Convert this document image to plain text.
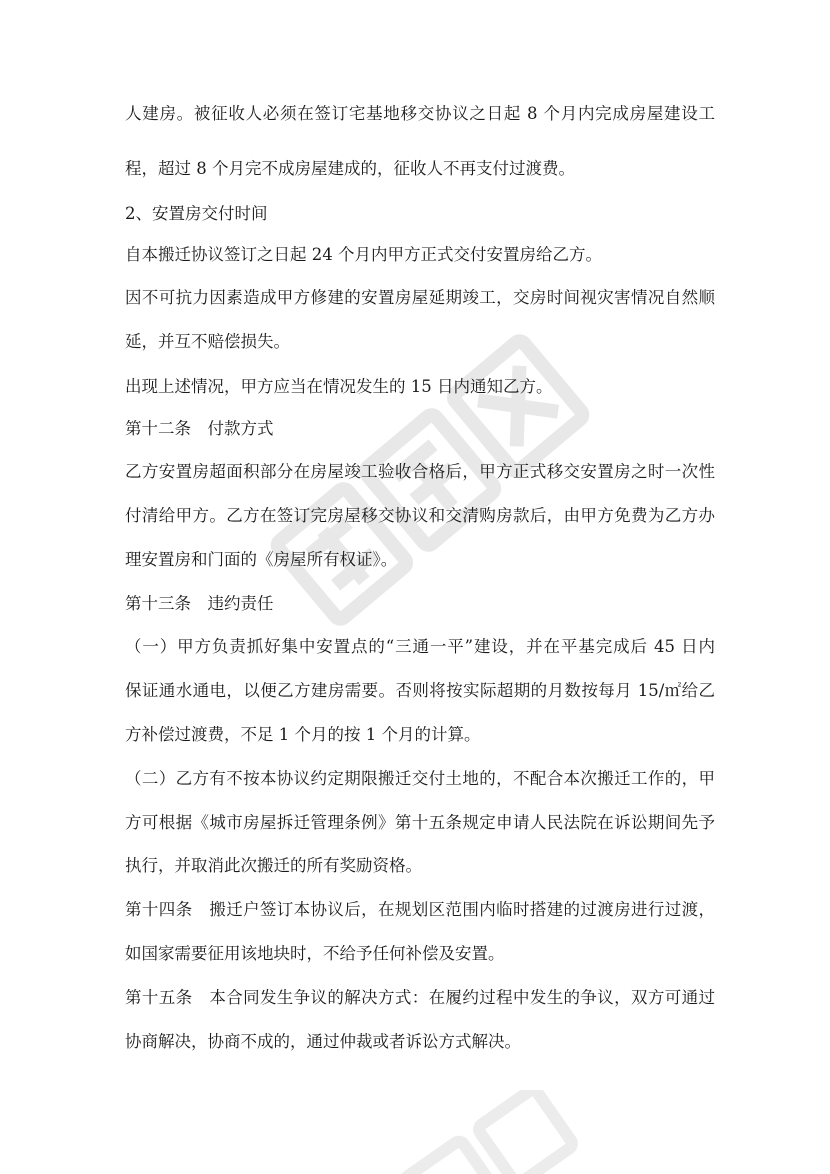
人建房。被征收人必须在签订宅基地移交协议之日起 8 个月内完成房屋建设工
程，超过 8 个月完不成房屋建成的，征收人不再支付过渡费。
2、安置房交付时间
自本搬迁协议签订之日起 24 个月内甲方正式交付安置房给乙方。
因不可抗力因素造成甲方修建的安置房屋延期竣工，交房时间视灾害情况自然顺
延，并互不赔偿损失。
出现上述情况，甲方应当在情况发生的 15 日内通知乙方。
第十二条　付款方式
乙方安置房超面积部分在房屋竣工验收合格后，甲方正式移交安置房之时一次性
付清给甲方。乙方在签订完房屋移交协议和交清购房款后，由甲方免费为乙方办
理安置房和门面的《房屋所有权证》。
第十三条　违约责任
（一）甲方负责抓好集中安置点的“三通一平”建设，并在平基完成后 45 日内
保证通水通电，以便乙方建房需要。否则将按实际超期的月数按每月 15/㎡给乙
方补偿过渡费，不足 1 个月的按 1 个月的计算。
（二）乙方有不按本协议约定期限搬迁交付土地的，不配合本次搬迁工作的，甲
方可根据《城市房屋拆迁管理条例》第十五条规定申请人民法院在诉讼期间先予
执行，并取消此次搬迁的所有奖励资格。
第十四条　搬迁户签订本协议后，在规划区范围内临时搭建的过渡房进行过渡，
如国家需要征用该地块时，不给予任何补偿及安置。
第十五条　本合同发生争议的解决方式：在履约过程中发生的争议，双方可通过
协商解决，协商不成的，通过仲裁或者诉讼方式解决。
